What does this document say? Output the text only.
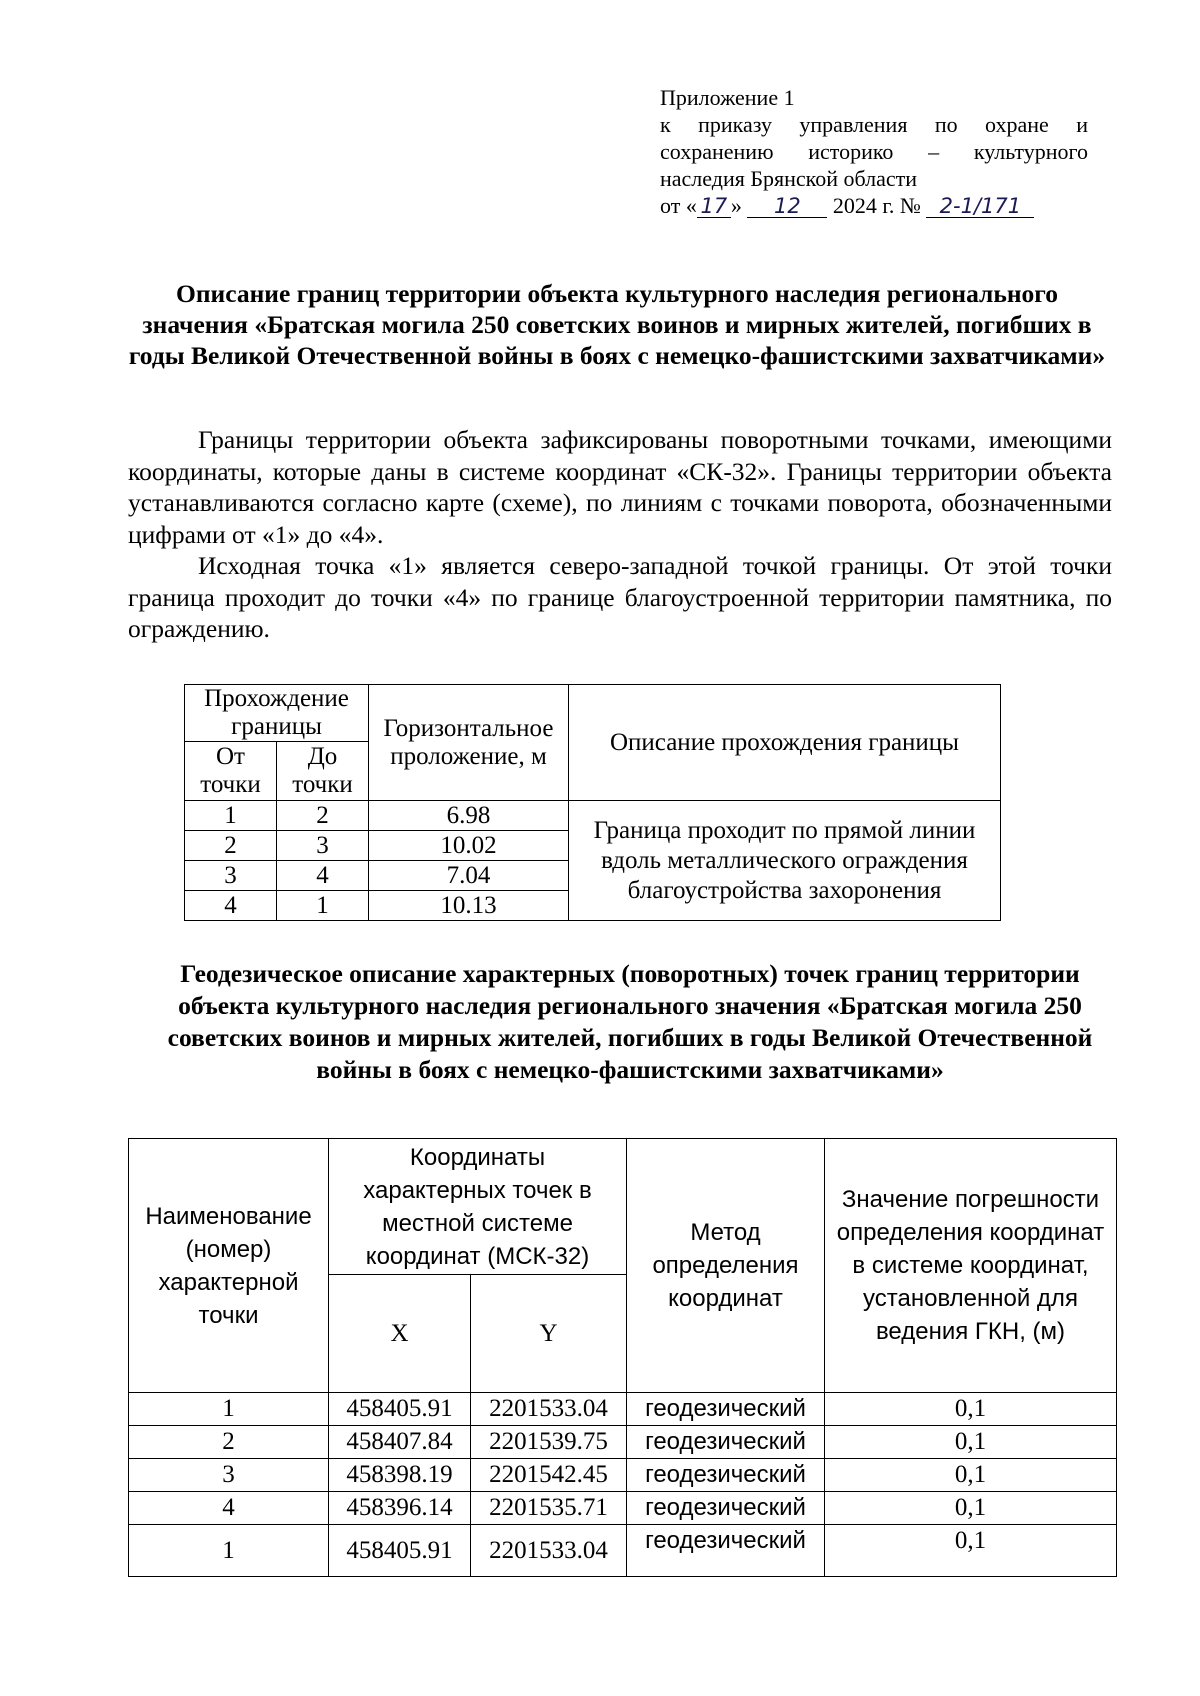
Приложение 1
к приказу управления по охране и
сохранению историко – культурного
наследия Брянской области
от « 17 » 12 2024 г. № 2-1/171
Описание границ территории объекта культурного наследия регионального значения «Братская могила 250 советских воинов и мирных жителей, погибших в годы Великой Отечественной войны в боях с немецко-фашистскими захватчиками»

Границы территории объекта зафиксированы поворотными точками, имеющими координаты, которые даны в системе координат «СК-32». Границы территории объекта устанавливаются согласно карте (схеме), по линиям с точками поворота, обозначенными цифрами от «1» до «4».

Исходная точка «1» является северо-западной точкой границы. От этой точки граница проходит до точки «4» по границе благоустроенной территории памятника, по ограждению.

Прохождение границы		Горизонтальное проложение, м	Описание прохождения границы
От точки	До точки		
1	2	6.98	Граница проходит по прямой линии вдоль металлического ограждения благоустройства захоронения
2	3	10.02	
3	4	7.04	
4	1	10.13	
Геодезическое описание характерных (поворотных) точек границ территории объекта культурного наследия регионального значения «Братская могила 250 советских воинов и мирных жителей, погибших в годы Великой Отечественной войны в боях с немецко-фашистскими захватчиками»
Наименование (номер) характерной точки	Координаты характерных точек в местной системе координат (МСК-32)		Метод определения координат	Значение погрешности определения координат в системе координат, установленной для ведения ГКН, (м)
	X	Y		
1	458405.91	2201533.04	геодезический	0,1
2	458407.84	2201539.75	геодезический	0,1
3	458398.19	2201542.45	геодезический	0,1
4	458396.14	2201535.71	геодезический	0,1
1	458405.91	2201533.04	геодезический	0,1
